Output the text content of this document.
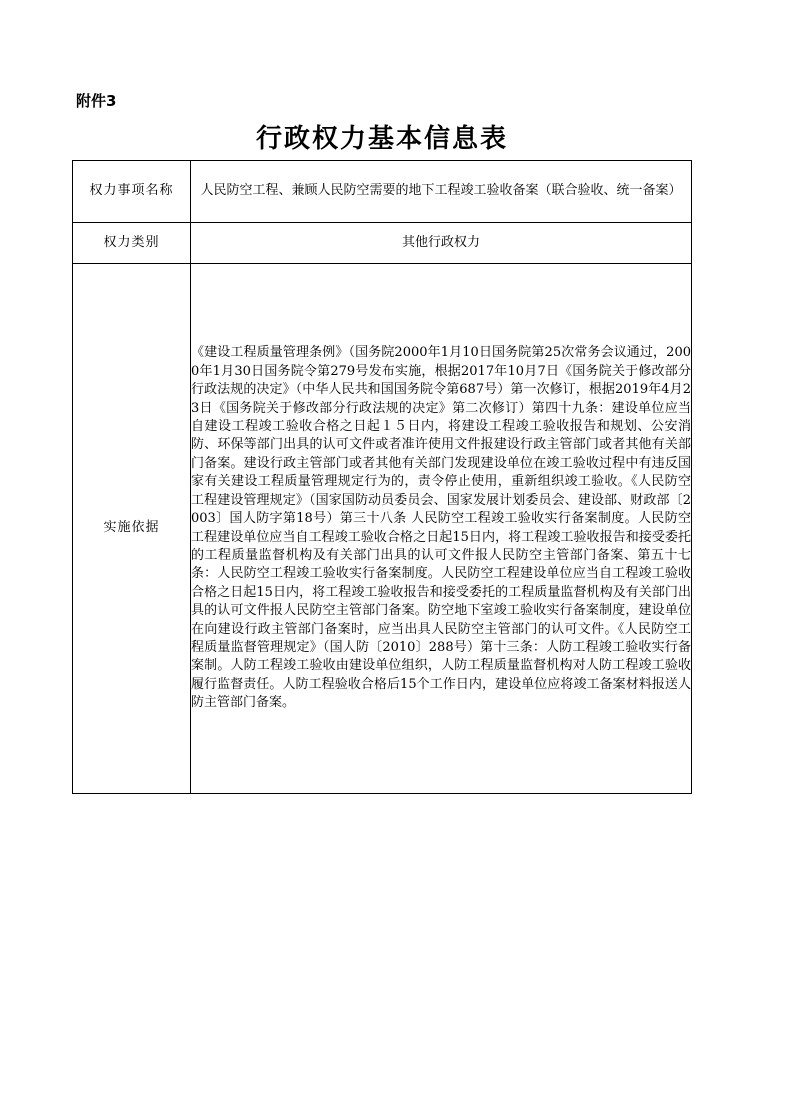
附件3
行政权力基本信息表
权力事项名称	人民防空工程、兼顾人民防空需要的地下工程竣工验收备案（联合验收、统一备案）
权力类别	其他行政权力
实施依据	《建设工程质量管理条例》（国务院2000年1月10日国务院第25次常务会议通过，2000年1月30日国务院令第279号发布实施，根据2017年10月7日《国务院关于修改部分行政法规的决定》（中华人民共和国国务院令第687号）第一次修订，根据2019年4月23日《国务院关于修改部分行政法规的决定》第二次修订）第四十九条：建设单位应当自建设工程竣工验收合格之日起１５日内，将建设工程竣工验收报告和规划、公安消防、环保等部门出具的认可文件或者准许使用文件报建设行政主管部门或者其他有关部门备案。建设行政主管部门或者其他有关部门发现建设单位在竣工验收过程中有违反国家有关建设工程质量管理规定行为的，责令停止使用，重新组织竣工验收。《人民防空工程建设管理规定》（国家国防动员委员会、国家发展计划委员会、建设部、财政部〔2003〕国人防字第18号）第三十八条 人民防空工程竣工验收实行备案制度。人民防空工程建设单位应当自工程竣工验收合格之日起15日内，将工程竣工验收报告和接受委托的工程质量监督机构及有关部门出具的认可文件报人民防空主管部门备案、第五十七条：人民防空工程竣工验收实行备案制度。人民防空工程建设单位应当自工程竣工验收合格之日起15日内，将工程竣工验收报告和接受委托的工程质量监督机构及有关部门出具的认可文件报人民防空主管部门备案。防空地下室竣工验收实行备案制度，建设单位在向建设行政主管部门备案时，应当出具人民防空主管部门的认可文件。《人民防空工程质量监督管理规定》（国人防〔2010〕288号）第十三条：人防工程竣工验收实行备案制。人防工程竣工验收由建设单位组织，人防工程质量监督机构对人防工程竣工验收履行监督责任。人防工程验收合格后15个工作日内，建设单位应将竣工备案材料报送人防主管部门备案。
